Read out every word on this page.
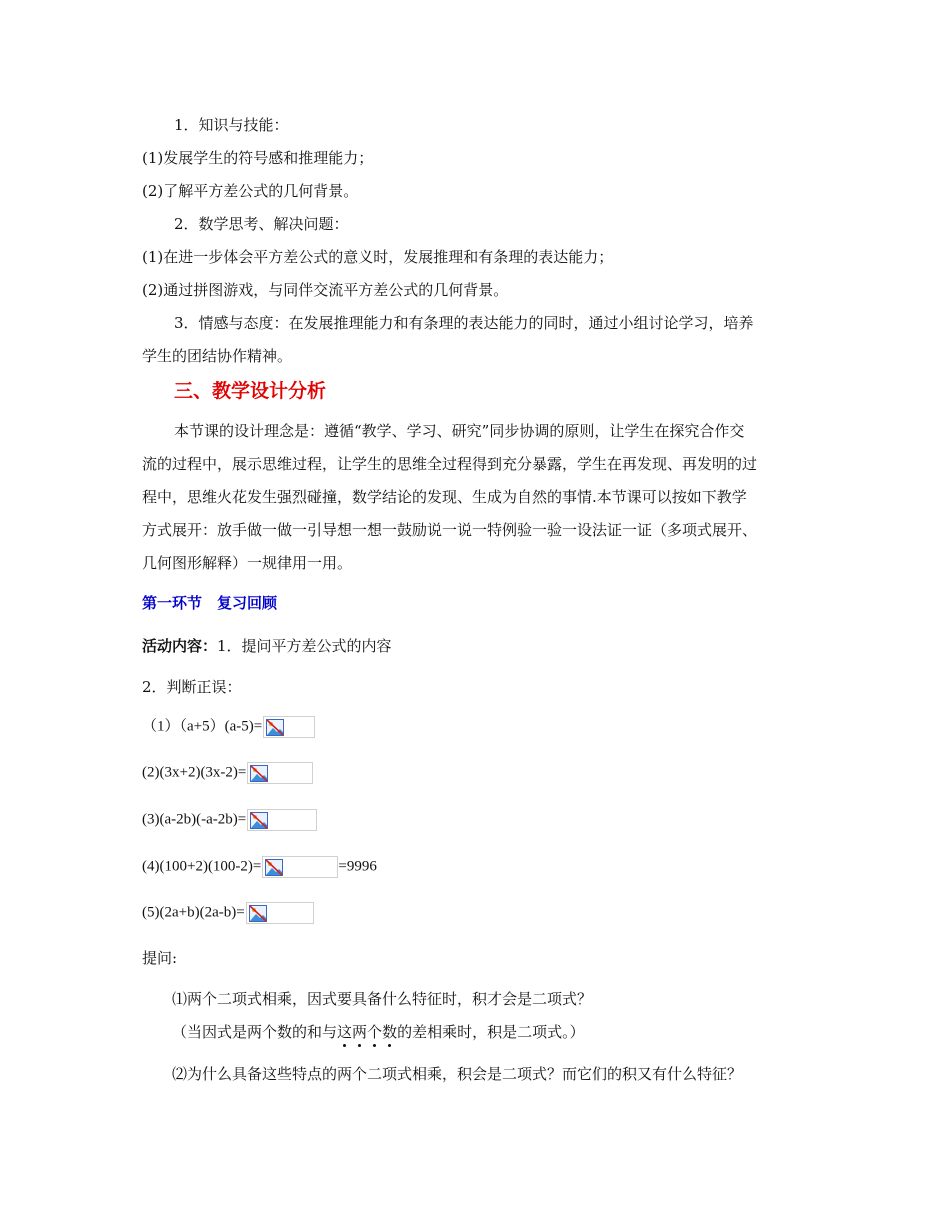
1．知识与技能：
(1)发展学生的符号感和推理能力；
(2)了解平方差公式的几何背景。
2．数学思考、解决问题：
(1)在进一步体会平方差公式的意义时，发展推理和有条理的表达能力；
(2)通过拼图游戏，与同伴交流平方差公式的几何背景。
3．情感与态度：在发展推理能力和有条理的表达能力的同时，通过小组讨论学习，培养
学生的团结协作精神。
三、教学设计分析
本节课的设计理念是：遵循“教学、学习、研究”同步协调的原则，让学生在探究合作交
流的过程中，展示思维过程，让学生的思维全过程得到充分暴露，学生在再发现、再发明的过
程中，思维火花发生强烈碰撞，数学结论的发现、生成为自然的事情.本节课可以按如下教学
方式展开：放手做一做一引导想一想一鼓励说一说一特例验一验一设法证一证（多项式展开、
几何图形解释）一规律用一用。
第一环节　复习回顾
活动内容：1．提问平方差公式的内容
2．判断正误：
（1）（a+5）(a-5)=
(2)(3x+2)(3x-2)=
(3)(a-2b)(-a-2b)=
(4)(100+2)(100-2)=	=9996
(5)(2a+b)(2a-b)=
提问:
⑴两个二项式相乘，因式要具备什么特征时，积才会是二项式？
（当因式是两个数的和与这两个数的差相乘时，积是二项式。）
⑵为什么具备这些特点的两个二项式相乘，积会是二项式？而它们的积又有什么特征？
